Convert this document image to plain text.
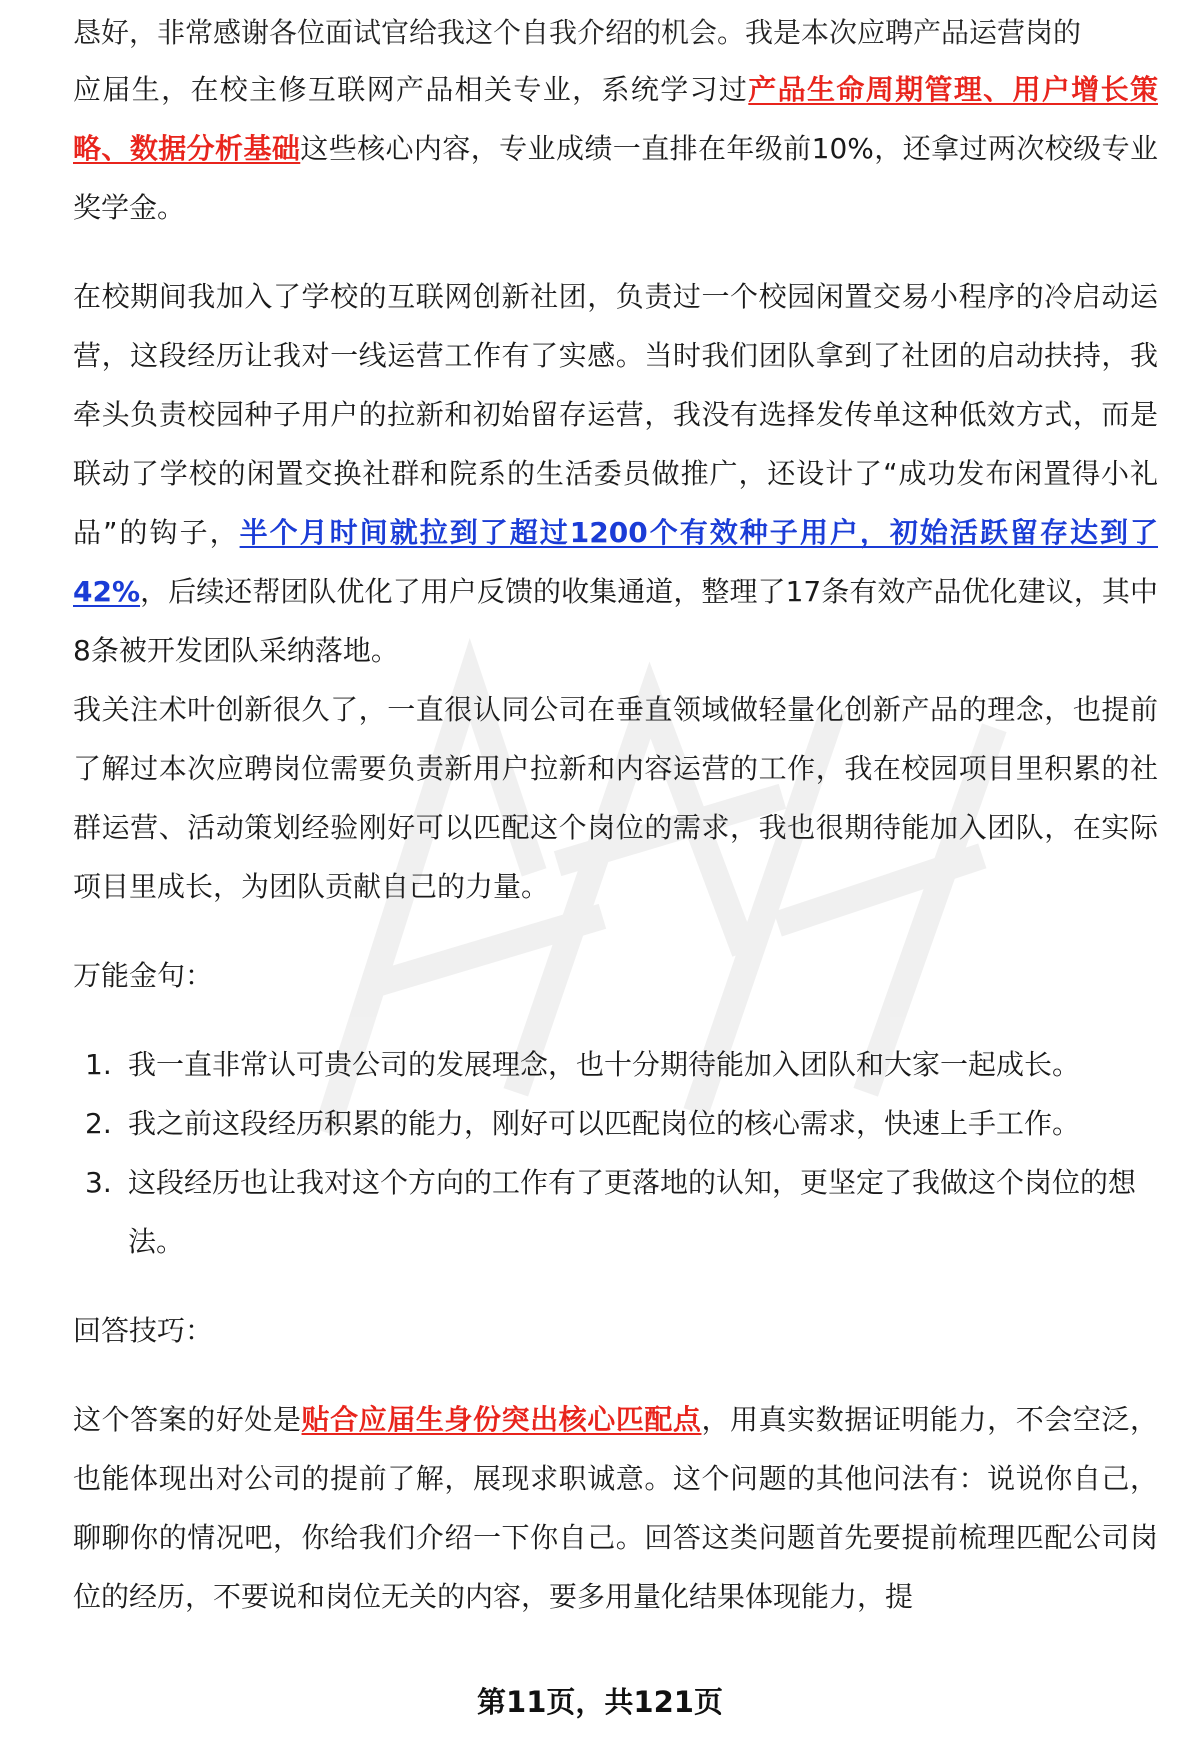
恳好，非常感谢各位面试官给我这个自我介绍的机会。我是本次应聘产品运营岗的

应届生，在校主修互联网产品相关专业，系统学习过产品生命周期管理、用户增长策略、数据分析基础这些核心内容，专业成绩一直排在年级前10%，还拿过两次校级专业奖学金。

在校期间我加入了学校的互联网创新社团，负责过一个校园闲置交易小程序的冷启动运营，这段经历让我对一线运营工作有了实感。当时我们团队拿到了社团的启动扶持，我牵头负责校园种子用户的拉新和初始留存运营，我没有选择发传单这种低效方式，而是联动了学校的闲置交换社群和院系的生活委员做推广，还设计了“成功发布闲置得小礼品”的钩子，半个月时间就拉到了超过1200个有效种子用户，初始活跃留存达到了42%，后续还帮团队优化了用户反馈的收集通道，整理了17条有效产品优化建议，其中8条被开发团队采纳落地。

我关注术叶创新很久了，一直很认同公司在垂直领域做轻量化创新产品的理念，也提前了解过本次应聘岗位需要负责新用户拉新和内容运营的工作，我在校园项目里积累的社群运营、活动策划经验刚好可以匹配这个岗位的需求，我也很期待能加入团队，在实际项目里成长，为团队贡献自己的力量。

万能金句：

1. 我一直非常认可贵公司的发展理念，也十分期待能加入团队和大家一起成长。
2. 我之前这段经历积累的能力，刚好可以匹配岗位的核心需求，快速上手工作。
3. 这段经历也让我对这个方向的工作有了更落地的认知，更坚定了我做这个岗位的想法。

回答技巧：

这个答案的好处是贴合应届生身份突出核心匹配点，用真实数据证明能力，不会空泛，也能体现出对公司的提前了解，展现求职诚意。这个问题的其他问法有：说说你自己，聊聊你的情况吧，你给我们介绍一下你自己。回答这类问题首先要提前梳理匹配公司岗位的经历，不要说和岗位无关的内容，要多用量化结果体现能力，提

第11页，共121页
